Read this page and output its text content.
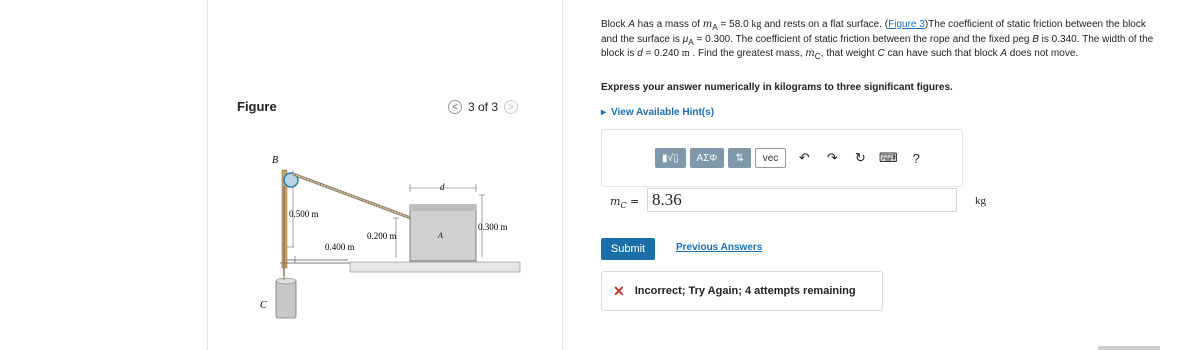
Figure	< 3 of 3	>
B
C
A
0.500 m
0.200 m
0.300 m
0.400 m
d
Block A has a mass of $m_A = 58.0$ kg and rests on a flat surface. (Figure 3)The coefficient of static friction between the block and the surface is $\mu_A = 0.300$. The coefficient of static friction between the rope and the fixed peg B is 0.340. The width of the block is d = 0.240 m . Find the greatest mass, $m_C$, that weight C can have such that block A does not move.
Express your answer numerically in kilograms to three significant figures.
▸ View Available Hint(s)
▮√▯	ΑΣΦ	⇅	vec	↶	↷	↻	⌨	?
$m_C = 8.36$	kg
Submit	Previous Answers
✕ Incorrect; Try Again; 4 attempts remaining
